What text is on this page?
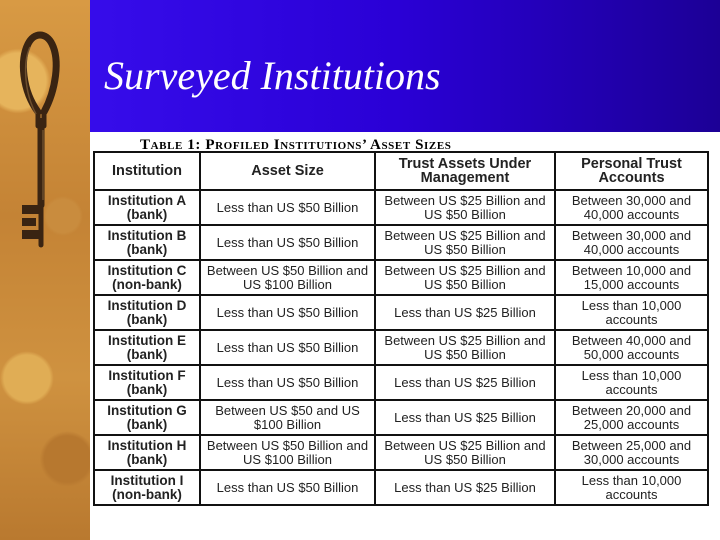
Surveyed Institutions
Table 1: Profiled Institutions’ Asset Sizes
Institution	Asset Size	Trust Assets Under Management	Personal Trust Accounts
Institution A (bank)	Less than US $50 Billion	Between US $25 Billion and US $50 Billion	Between 30,000 and 40,000 accounts
Institution B (bank)	Less than US $50 Billion	Between US $25 Billion and US $50 Billion	Between 30,000 and 40,000 accounts
Institution C (non-bank)	Between US $50 Billion and US $100 Billion	Between US $25 Billion and US $50 Billion	Between 10,000 and 15,000 accounts
Institution D (bank)	Less than US $50 Billion	Less than US $25 Billion	Less than 10,000 accounts
Institution E (bank)	Less than US $50 Billion	Between US $25 Billion and US $50 Billion	Between 40,000 and 50,000 accounts
Institution F (bank)	Less than US $50 Billion	Less than US $25 Billion	Less than 10,000 accounts
Institution G (bank)	Between US $50 and US $100 Billion	Less than US $25 Billion	Between 20,000 and 25,000 accounts
Institution H (bank)	Between US $50 Billion and US $100 Billion	Between US $25 Billion and US $50 Billion	Between 25,000 and 30,000 accounts
Institution I (non-bank)	Less than US $50 Billion	Less than US $25 Billion	Less than 10,000 accounts
